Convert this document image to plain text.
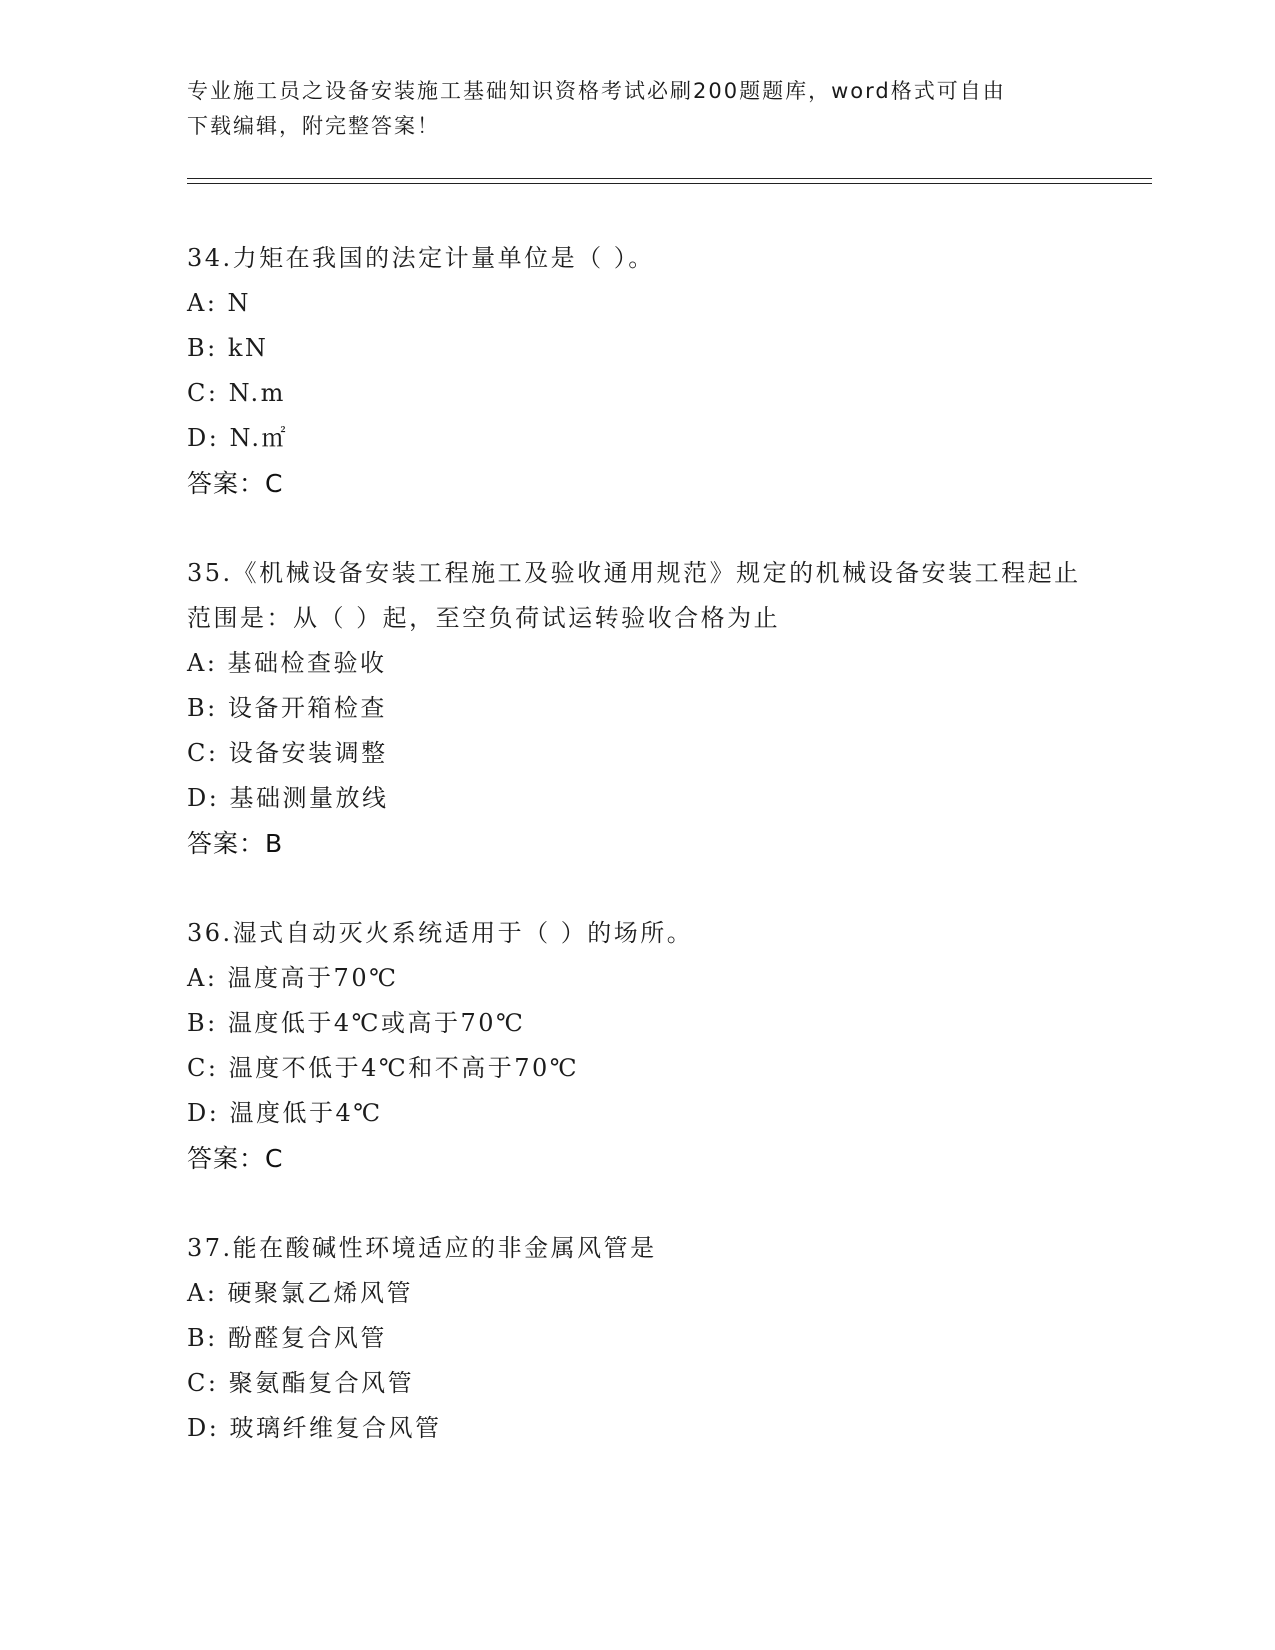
专业施工员之设备安装施工基础知识资格考试必刷200题题库，word格式可自由
下载编辑，附完整答案！
34.力矩在我国的法定计量单位是（ ）。
A: N
B: kN
C: N.m
D: N.㎡
答案：C
35.《机械设备安装工程施工及验收通用规范》规定的机械设备安装工程起止范围是：从（ ）起，至空负荷试运转验收合格为止
A: 基础检查验收
B: 设备开箱检查
C: 设备安装调整
D: 基础测量放线
答案：B
36.湿式自动灭火系统适用于（ ）的场所。
A: 温度高于70℃
B: 温度低于4℃或高于70℃
C: 温度不低于4℃和不高于70℃
D: 温度低于4℃
答案：C
37.能在酸碱性环境适应的非金属风管是
A: 硬聚氯乙烯风管
B: 酚醛复合风管
C: 聚氨酯复合风管
D: 玻璃纤维复合风管
